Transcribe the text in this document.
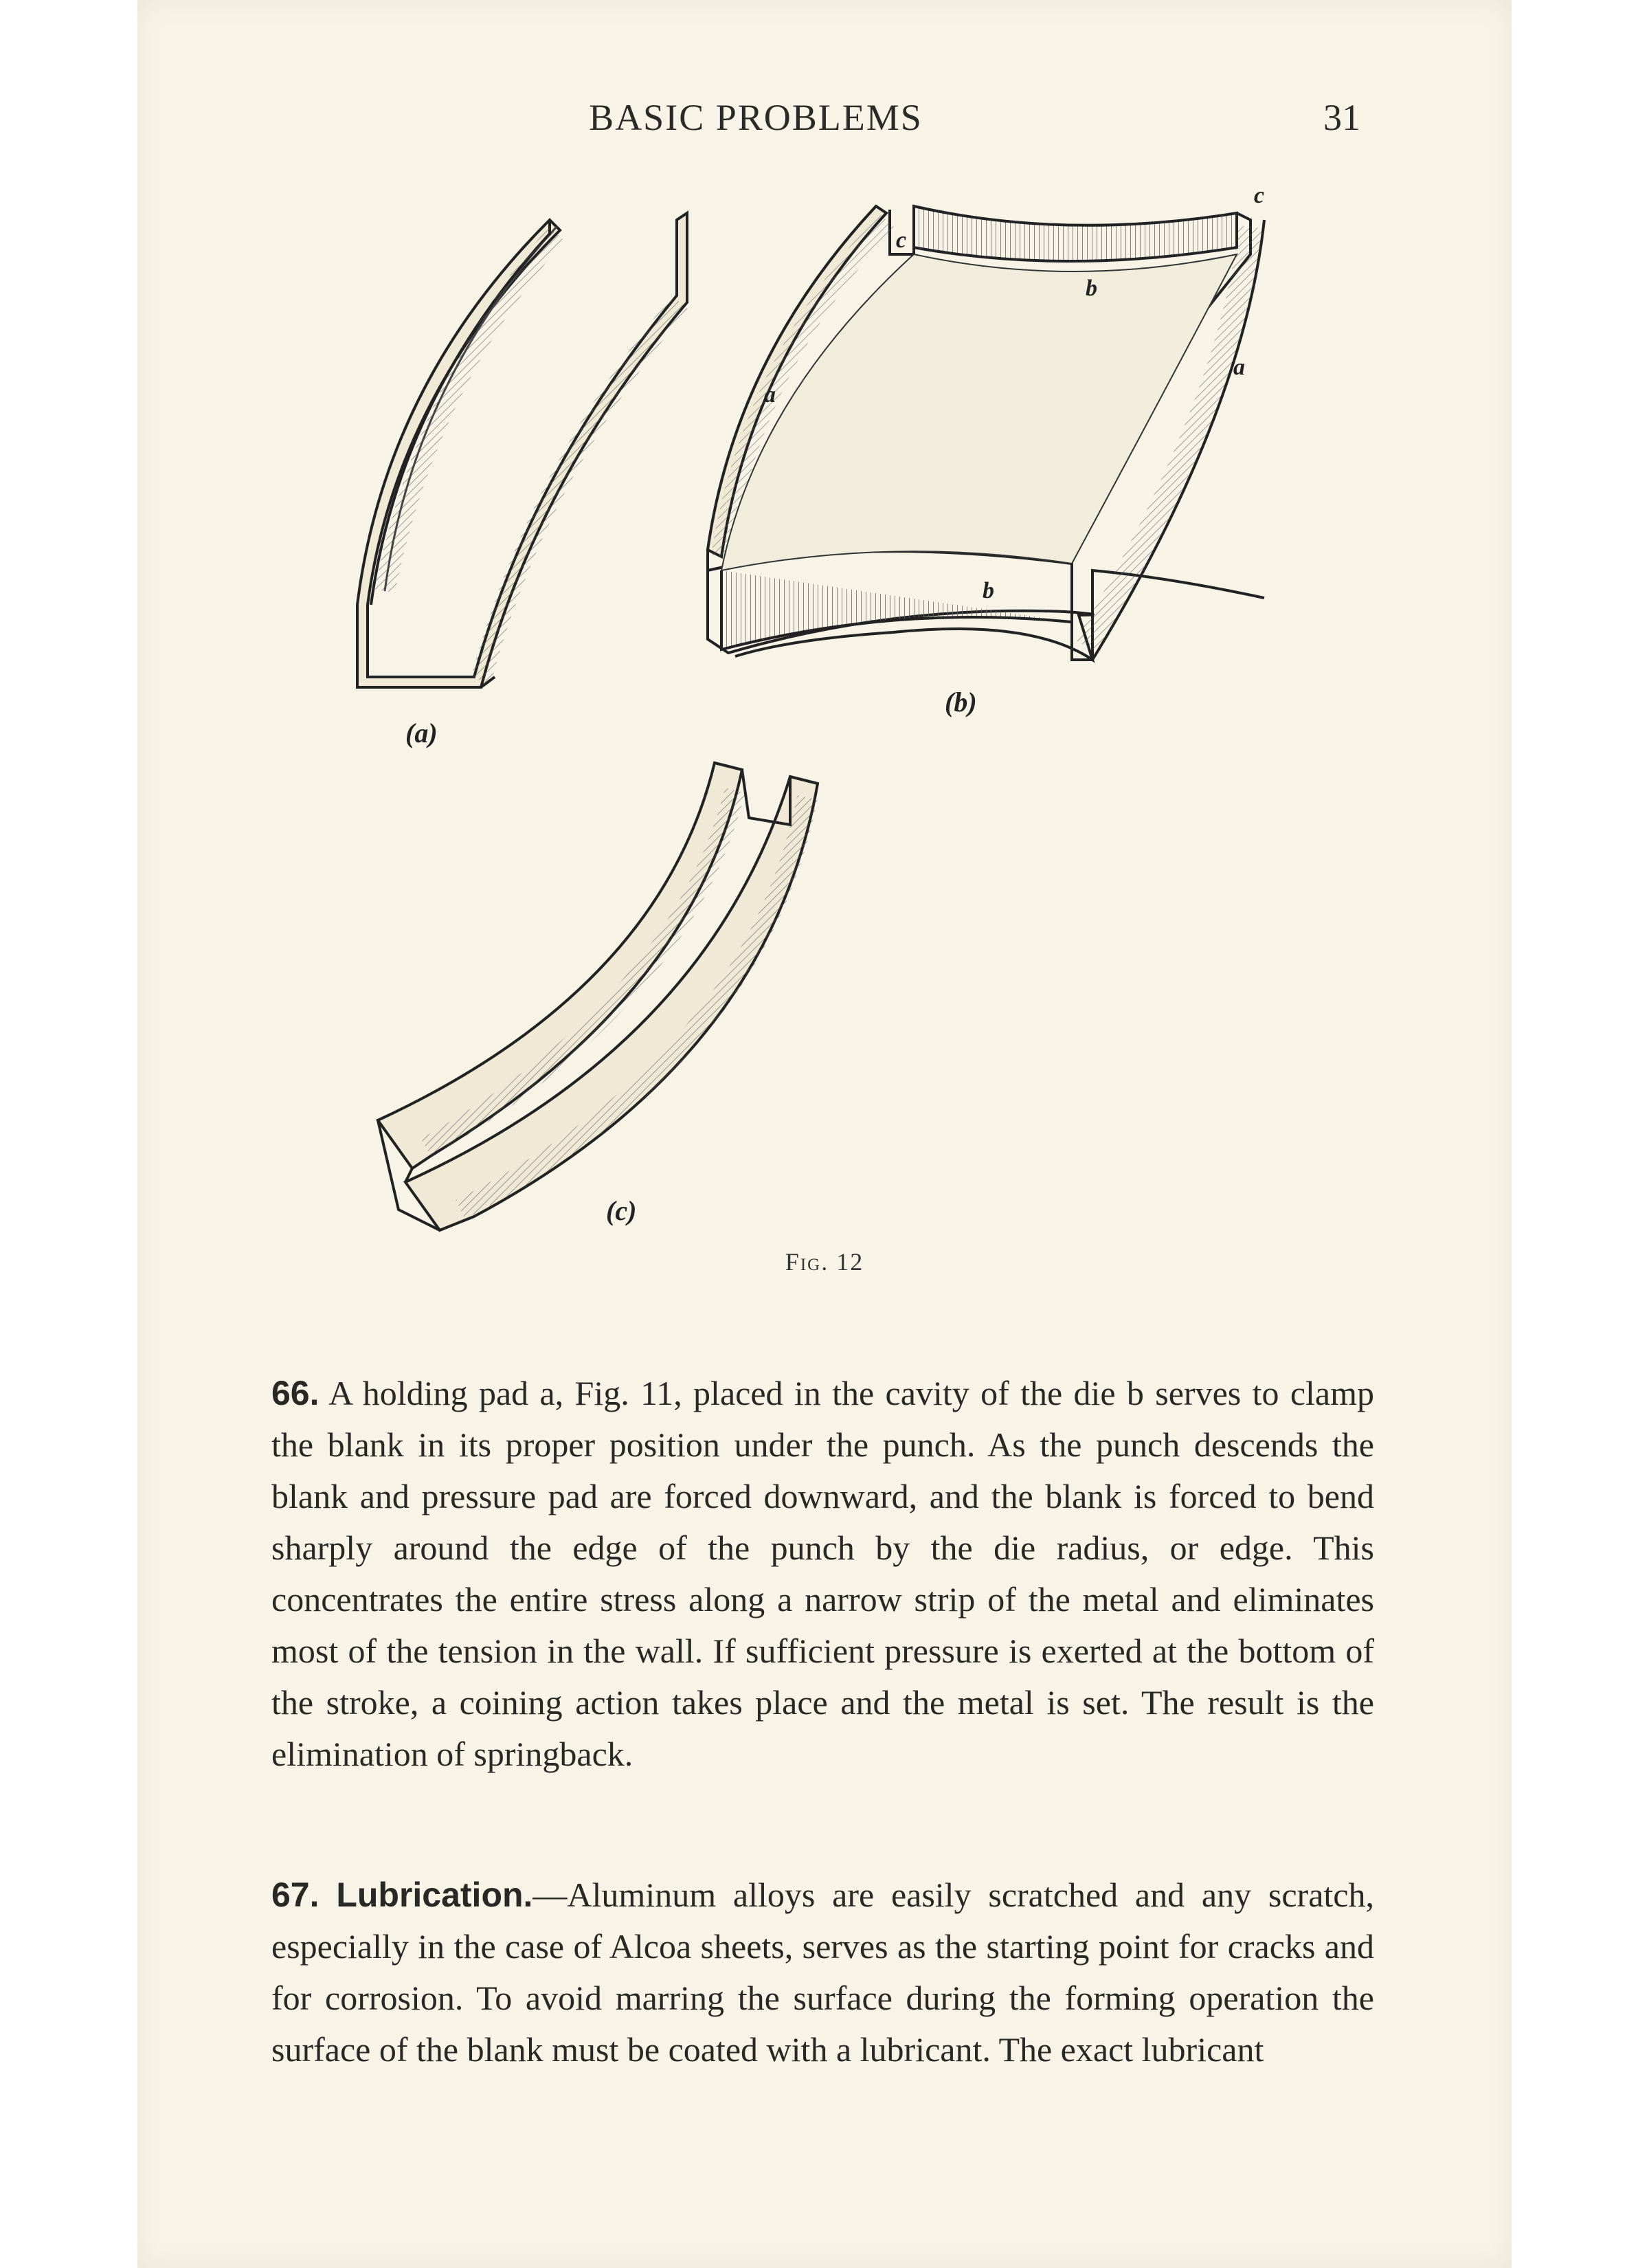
BASIC PROBLEMS	31
(a)
c
c
b
b
a
a
(b)
(c)
Fig. 12

66. A holding pad a, Fig. 11, placed in the cavity of the die b serves to clamp the blank in its proper position under the punch. As the punch descends the blank and pressure pad are forced downward, and the blank is forced to bend sharply around the edge of the punch by the die radius, or edge. This concentrates the entire stress along a narrow strip of the metal and eliminates most of the tension in the wall. If sufficient pressure is exerted at the bottom of the stroke, a coining action takes place and the metal is set. The result is the elimination of springback.

67. Lubrication.—Aluminum alloys are easily scratched and any scratch, especially in the case of Alcoa sheets, serves as the starting point for cracks and for corrosion. To avoid marring the surface during the forming operation the surface of the blank must be coated with a lubricant. The exact lubricant
